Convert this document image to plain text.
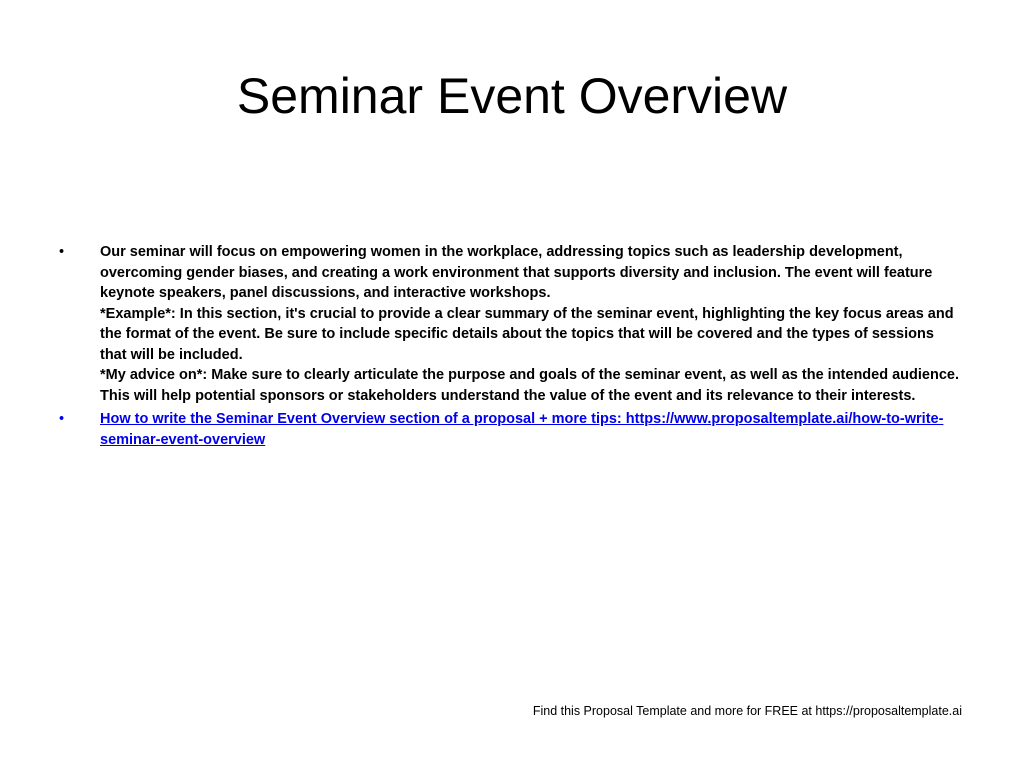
Seminar Event Overview
• Our seminar will focus on empowering women in the workplace, addressing topics such as leadership development, overcoming gender biases, and creating a work environment that supports diversity and inclusion. The event will feature keynote speakers, panel discussions, and interactive workshops.
*Example*: In this section, it's crucial to provide a clear summary of the seminar event, highlighting the key focus areas and the format of the event. Be sure to include specific details about the topics that will be covered and the types of sessions that will be included.
*My advice on*: Make sure to clearly articulate the purpose and goals of the seminar event, as well as the intended audience. This will help potential sponsors or stakeholders understand the value of the event and its relevance to their interests.
• How to write the Seminar Event Overview section of a proposal + more tips: https://www.proposaltemplate.ai/how-to-write-seminar-event-overview
Find this Proposal Template and more for FREE at https://proposaltemplate.ai
